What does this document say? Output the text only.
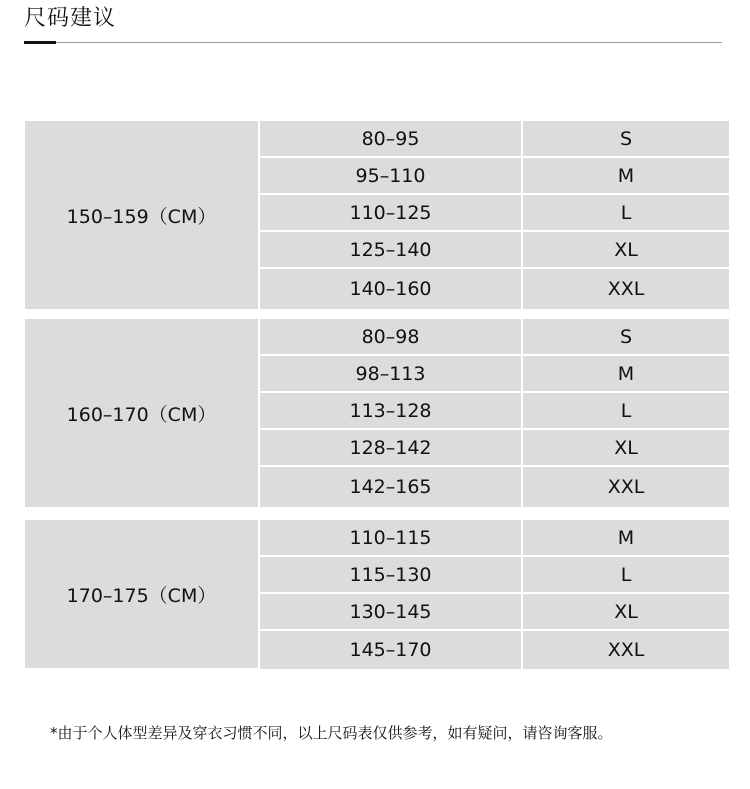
尺码建议
150–159（CM）
80–95	S
95–110	M
110–125	L
125–140	XL
140–160	XXL
160–170（CM）
80–98	S
98–113	M
113–128	L
128–142	XL
142–165	XXL
170–175（CM）
110–115	M
115–130	L
130–145	XL
145–170	XXL
*由于个人体型差异及穿衣习惯不同，以上尺码表仅供参考，如有疑问，请咨询客服。
